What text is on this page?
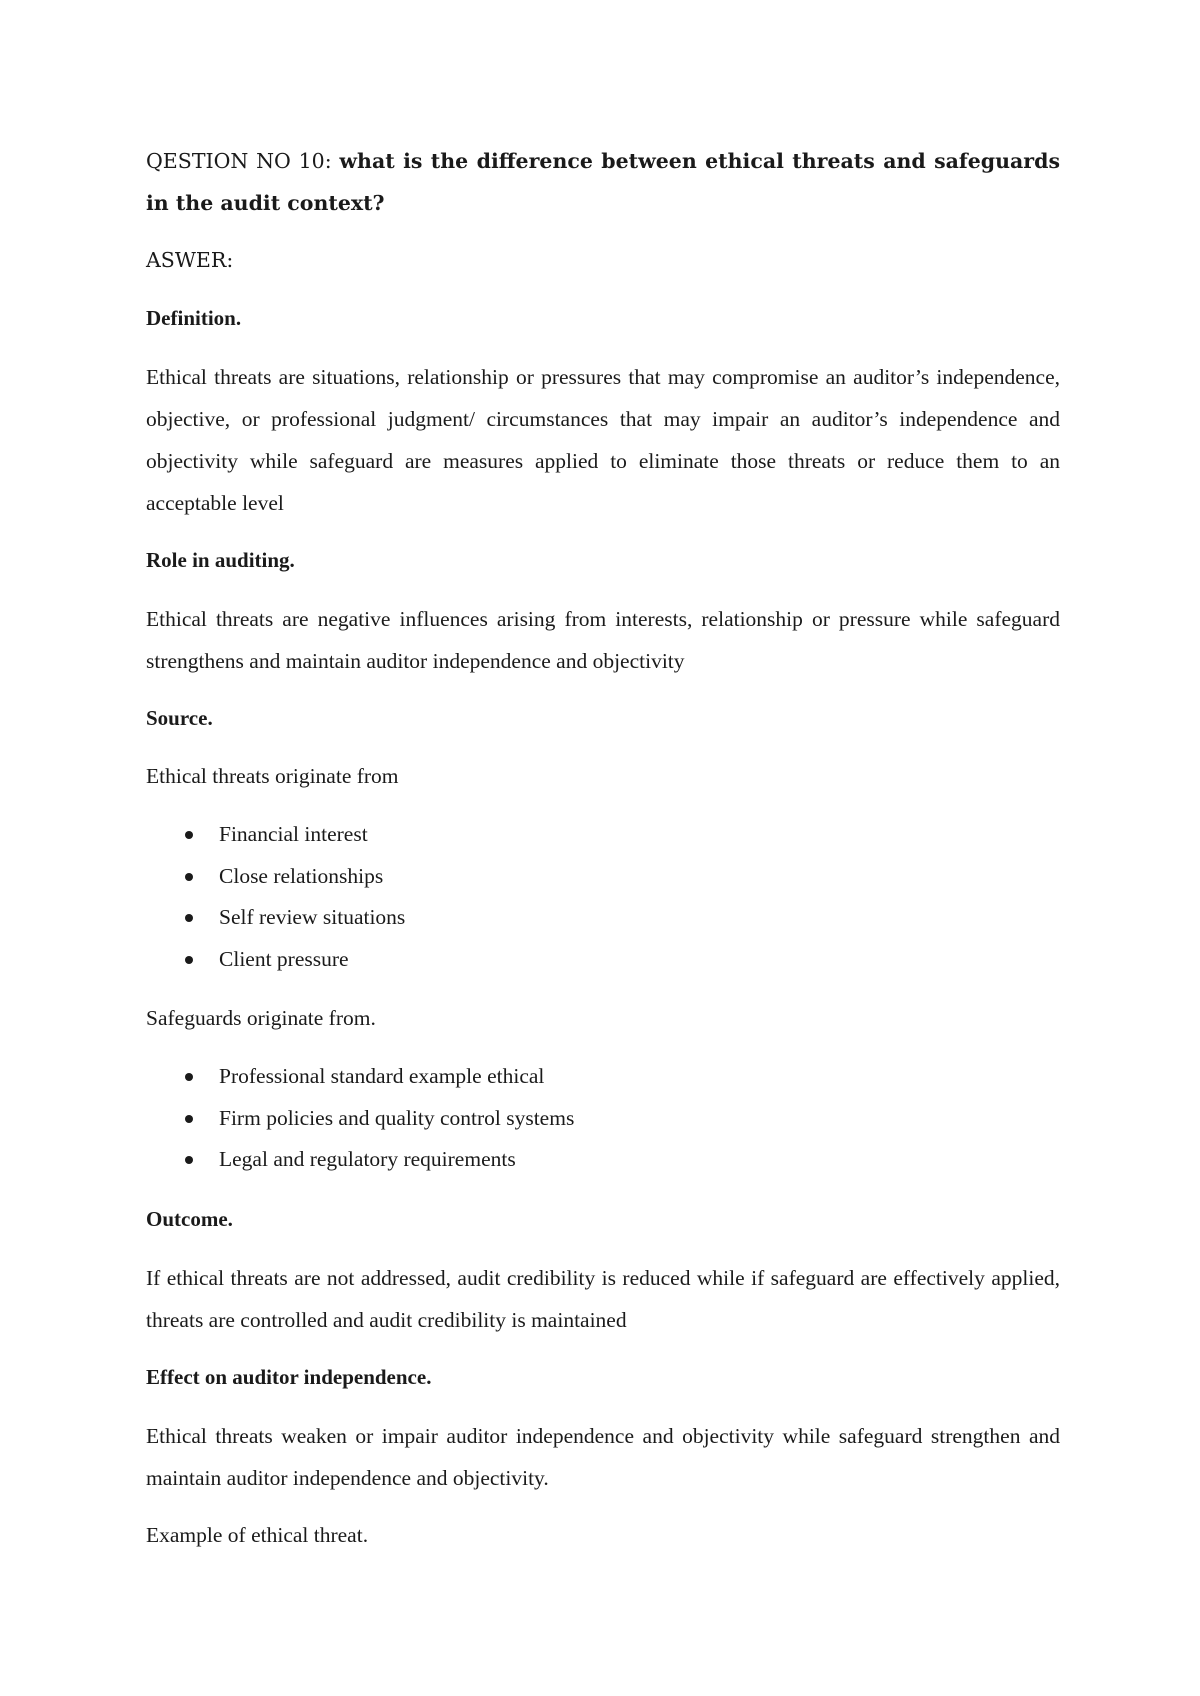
QESTION NO 10: what is the difference between ethical threats and safeguards in the audit context?

ASWER:

Definition.

Ethical threats are situations, relationship or pressures that may compromise an auditor’s independence, objective, or professional judgment/ circumstances that may impair an auditor’s independence and objectivity while safeguard are measures applied to eliminate those threats or reduce them to an acceptable level

Role in auditing.

Ethical threats are negative influences arising from interests, relationship or pressure while safeguard strengthens and maintain auditor independence and objectivity

Source.

Ethical threats originate from

Financial interest
Close relationships
Self review situations
Client pressure

Safeguards originate from.

Professional standard example ethical
Firm policies and quality control systems
Legal and regulatory requirements

Outcome.

If ethical threats are not addressed, audit credibility is reduced while if safeguard are effectively applied, threats are controlled and audit credibility is maintained

Effect on auditor independence.

Ethical threats weaken or impair auditor independence and objectivity while safeguard strengthen and maintain auditor independence and objectivity.

Example of ethical threat.
